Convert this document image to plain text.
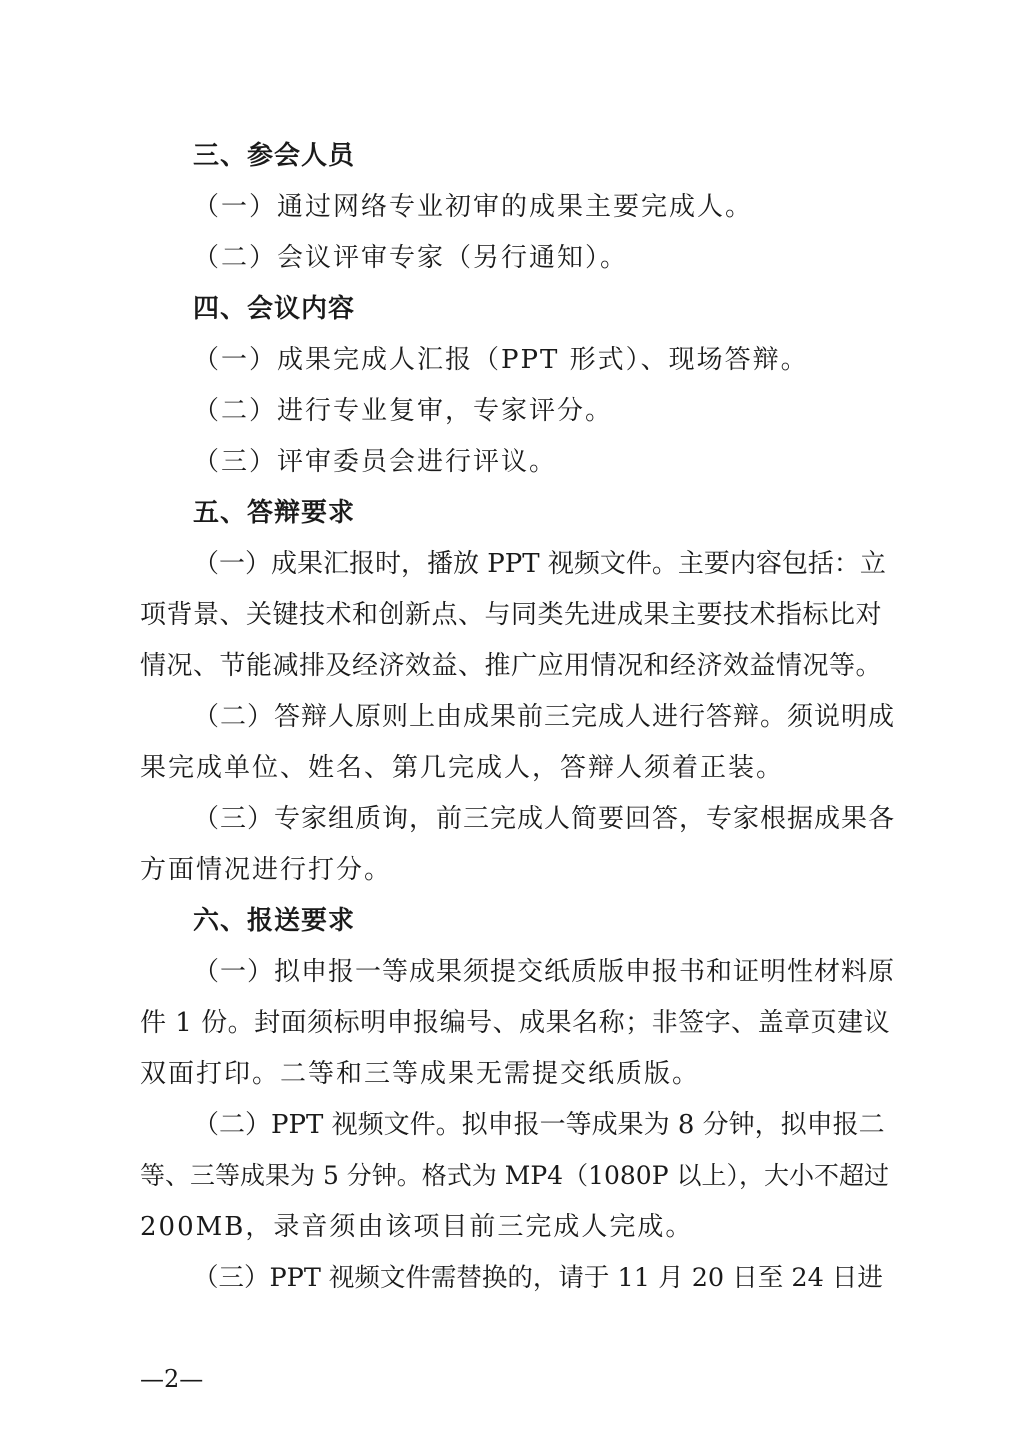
三、参会人员
（一）通过网络专业初审的成果主要完成人。
（二）会议评审专家（另行通知）。
四、会议内容
（一）成果完成人汇报（PPT 形式）、现场答辩。
（二）进行专业复审，专家评分。
（三）评审委员会进行评议。
五、答辩要求
（一）成果汇报时，播放 PPT 视频文件。主要内容包括：立
项背景、关键技术和创新点、与同类先进成果主要技术指标比对
情况、节能减排及经济效益、推广应用情况和经济效益情况等。
（二）答辩人原则上由成果前三完成人进行答辩。须说明成
果完成单位、姓名、第几完成人，答辩人须着正装。
（三）专家组质询，前三完成人简要回答，专家根据成果各
方面情况进行打分。
六、报送要求
（一）拟申报一等成果须提交纸质版申报书和证明性材料原
件 1 份。封面须标明申报编号、成果名称；非签字、盖章页建议
双面打印。二等和三等成果无需提交纸质版。
（二）PPT 视频文件。拟申报一等成果为 8 分钟，拟申报二
等、三等成果为 5 分钟。格式为 MP4（1080P 以上），大小不超过
200MB，录音须由该项目前三完成人完成。
（三）PPT 视频文件需替换的，请于 11 月 20 日至 24 日进
—2—
